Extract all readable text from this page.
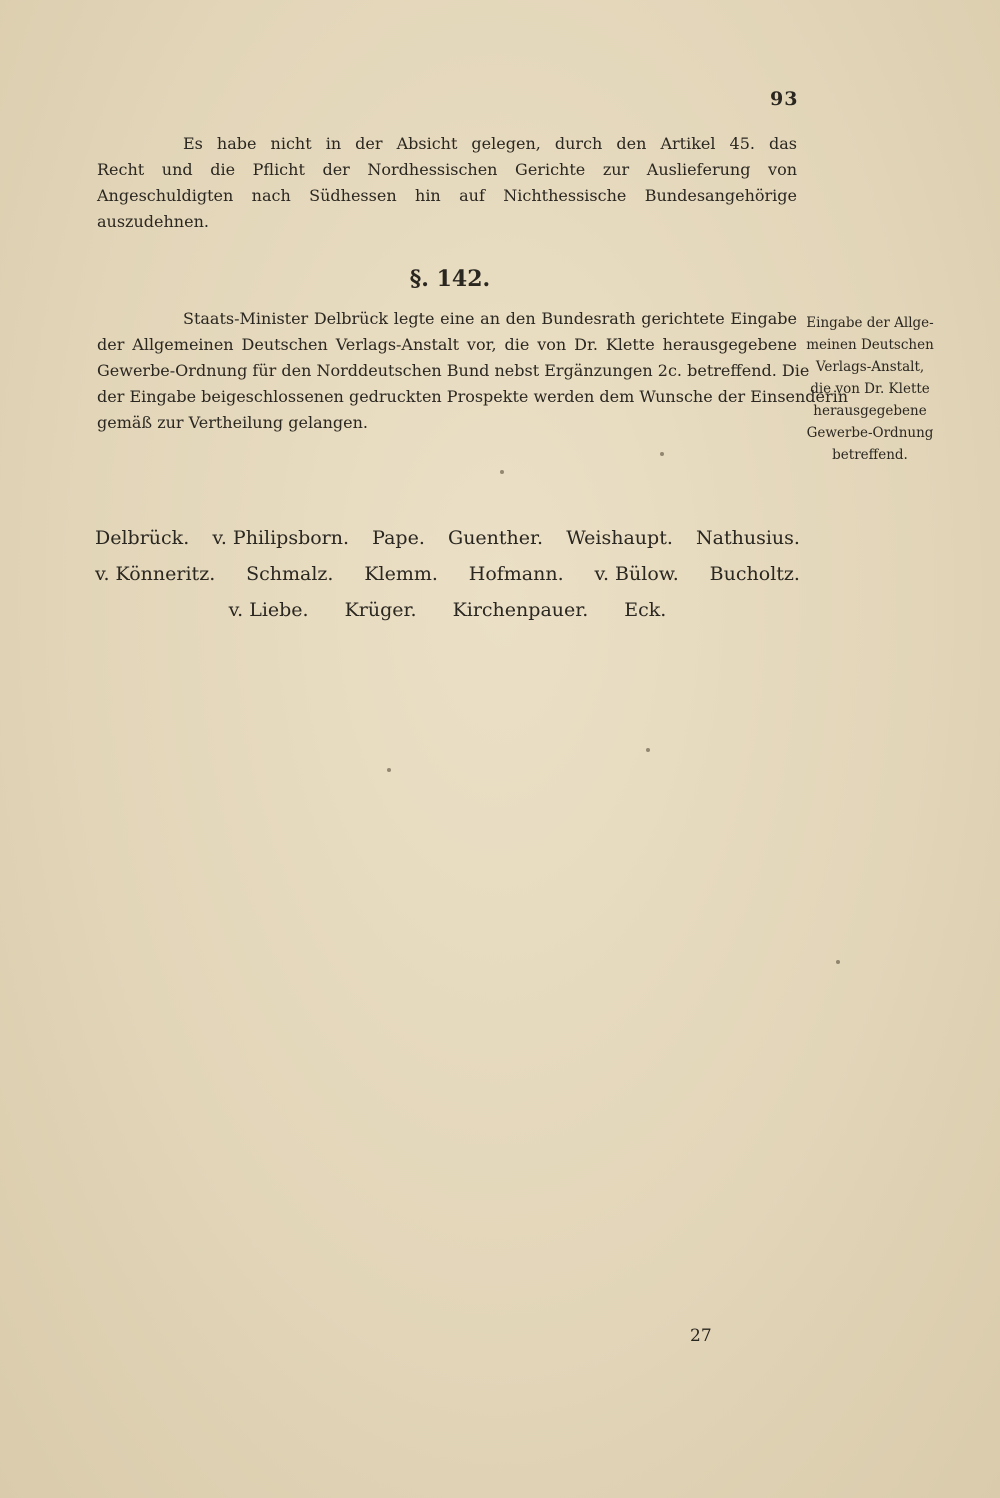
93
Es habe nicht in der Absicht gelegen, durch den Artikel 45. das
Recht und die Pflicht der Nordhessischen Gerichte zur Auslieferung von
Angeschuldigten nach Südhessen hin auf Nichthessische Bundesangehörige
auszudehnen.
§. 142.
Staats-Minister Delbrück legte eine an den Bundesrath gerichtete Eingabe
der Allgemeinen Deutschen Verlags-Anstalt vor, die von Dr. Klette herausgegebene
Gewerbe-Ordnung für den Norddeutschen Bund nebst Ergänzungen 2c. betreffend. Die
der Eingabe beigeschlossenen gedruckten Prospekte werden dem Wunsche der Einsenderin
gemäß zur Vertheilung gelangen.
Eingabe der Allge-
meinen Deutschen
Verlags-Anstalt,
die von Dr. Klette
herausgegebene
Gewerbe-Ordnung
betreffend.
Delbrück. v. Philipsborn. Pape. Guenther. Weishaupt. Nathusius.
v. Könneritz. Schmalz. Klemm. Hofmann. v. Bülow. Bucholtz.
v. Liebe. Krüger. Kirchenpauer. Eck.
27
